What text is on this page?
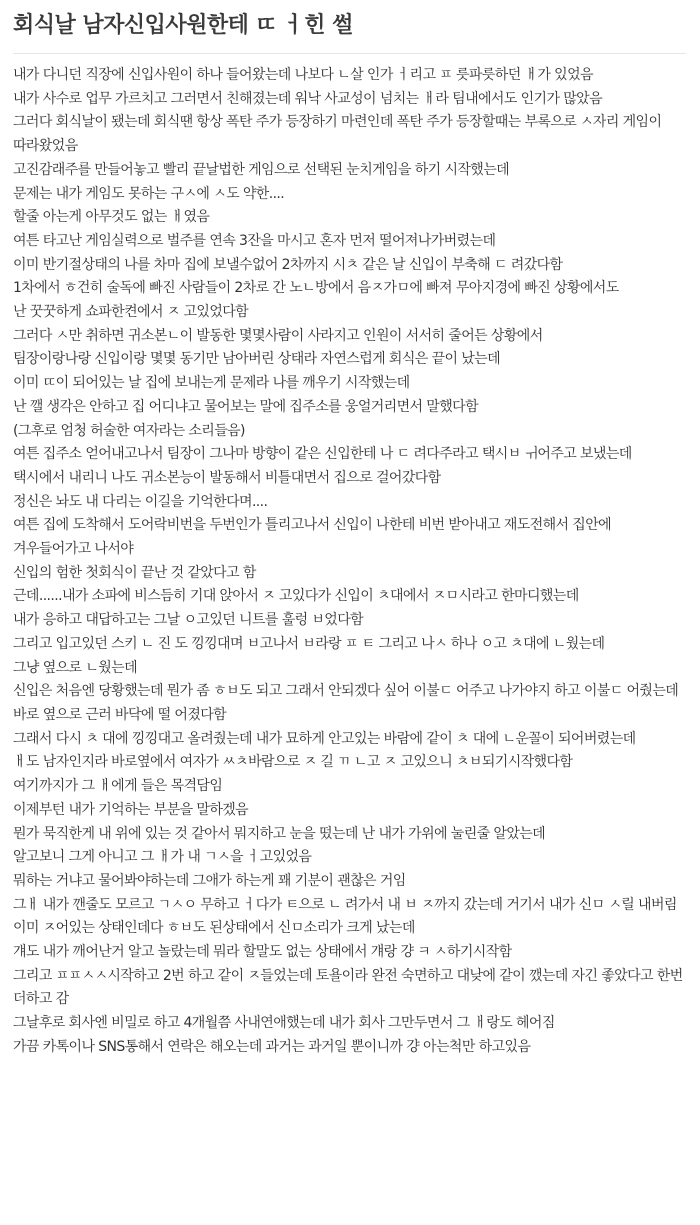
회식날 남자신입사원한테 ㄸ ㅓ힌 썰
내가 다니던 직장에 신입사원이 하나 들어왔는데 나보다 ㄴ살 인가 ㅓ리고 ㅍ 릇파릇하던 ㅐ가 있었음
내가 사수로 업무 가르치고 그러면서 친해졌는데 워낙 사교성이 넘치는 ㅐ라 팀내에서도 인기가 많았음
그러다 회식날이 됐는데 회식땐 항상 폭탄 주가 등장하기 마련인데 폭탄 주가 등장할때는 부록으로 ㅅ자리 게임이 따라왔었음
고진감래주를 만들어놓고 빨리 끝날법한 게임으로 선택된 눈치게임을 하기 시작했는데
문제는 내가 게임도 못하는 구ㅅ에 ㅅ도 약한....
할줄 아는게 아무것도 없는 ㅐ였음
여튼 타고난 게임실력으로 벌주를 연속 3잔을 마시고 혼자 먼저 떨어져나가버렸는데
이미 반기절상태의 나를 차마 집에 보낼수없어 2차까지 시ㅊ 같은 날 신입이 부축해 ㄷ 려갔다함
1차에서 ㅎ건히 술독에 빠진 사람들이 2차로 간 노ㄴ방에서 음ㅈ가ㅁ에 빠져 무아지경에 빠진 상황에서도
난 꿋꿋하게 쇼파한켠에서 ㅈ 고있었다함
그러다 ㅅ만 취하면 귀소본ㄴ이 발동한 몇몇사람이 사라지고 인원이 서서히 줄어든 상황에서
팀장이랑나랑 신입이랑 몇몇 동기만 남아버린 상태라 자연스럽게 회식은 끝이 났는데
이미 ㄸ이 되어있는 날 집에 보내는게 문제라 나를 깨우기 시작했는데
난 깰 생각은 안하고 집 어디냐고 물어보는 말에 집주소를 웅얼거리면서 말했다함
(그후로 엄청 허술한 여자라는 소리들음)
여튼 집주소 얻어내고나서 팀장이 그나마 방향이 같은 신입한테 나 ㄷ 려다주라고 택시ㅂ ㅟ어주고 보냈는데
택시에서 내리니 나도 귀소본능이 발동해서 비틀대면서 집으로 걸어갔다함
정신은 놔도 내 다리는 이길을 기억한다며....
여튼 집에 도착해서 도어락비번을 두번인가 틀리고나서 신입이 나한테 비번 받아내고 재도전해서 집안에 겨우들어가고 나서야
신입의 험한 첫회식이 끝난 것 같았다고 함
근데......내가 소파에 비스듬히 기대 앉아서 ㅈ 고있다가 신입이 ㅊ대에서 ㅈㅁ시라고 한마디했는데
내가 응하고 대답하고는 그날 ㅇ고있던 니트를 훌렁 ㅂ었다함
그리고 입고있던 스키 ㄴ 진 도 낑낑대며 ㅂ고나서 ㅂ라랑 ㅍ ㅌ 그리고 나ㅅ 하나 ㅇ고 ㅊ대에 ㄴ웠는데
그냥 옆으로 ㄴ웠는데
신입은 처음엔 당황했는데 뭔가 좀 ㅎㅂ도 되고 그래서 안되겠다 싶어 이불ㄷ 어주고 나가야지 하고 이불ㄷ 어줬는데
바로 옆으로 근러 바닥에 떨 어졌다함
그래서 다시 ㅊ 대에 낑낑대고 올려줬는데 내가 묘하게 안고있는 바람에 같이 ㅊ 대에 ㄴ운꼴이 되어버렸는데
ㅐ도 남자인지라 바로옆에서 여자가 ㅆㅊ바람으로 ㅈ 길 ㄲ ㄴ고 ㅈ 고있으니 ㅊㅂ되기시작했다함
여기까지가 그 ㅐ에게 들은 목격담임
이제부턴 내가 기억하는 부분을 말하겠음
뭔가 묵직한게 내 위에 있는 것 같아서 뭐지하고 눈을 떴는데 난 내가 가위에 눌린줄 알았는데
알고보니 그게 아니고 그 ㅐ가 내 ㄱㅅ을 ㅓ고있었음
뭐하는 거냐고 물어봐야하는데 그애가 하는게 꽤 기분이 괜찮은 거임
그ㅐ 내가 깬줄도 모르고 ㄱㅅㅇ 무하고 ㅓ다가 ㅌ으로 ㄴ 려가서 내 ㅂ ㅈ까지 갔는데 거기서 내가 신ㅁ ㅅ릴 내버림
이미 ㅈ어있는 상태인데다 ㅎㅂ도 된상태에서 신ㅁ소리가 크게 났는데
걔도 내가 깨어난거 알고 놀랐는데 뭐라 할말도 없는 상태에서 걔랑 걍 ㅋ ㅅ하기시작함
그리고 ㅍㅍㅅㅅ시작하고 2번 하고 같이 ㅈ들었는데 토욜이라 완전 숙면하고 대낮에 같이 깼는데 자긴 좋았다고 한번 더하고 감
그날후로 회사엔 비밀로 하고 4개월쯤 사내연애했는데 내가 회사 그만두면서 그 ㅐ랑도 헤어짐
가끔 카톡이나 SNS통해서 연락은 해오는데 과거는 과거일 뿐이니까 걍 아는척만 하고있음
